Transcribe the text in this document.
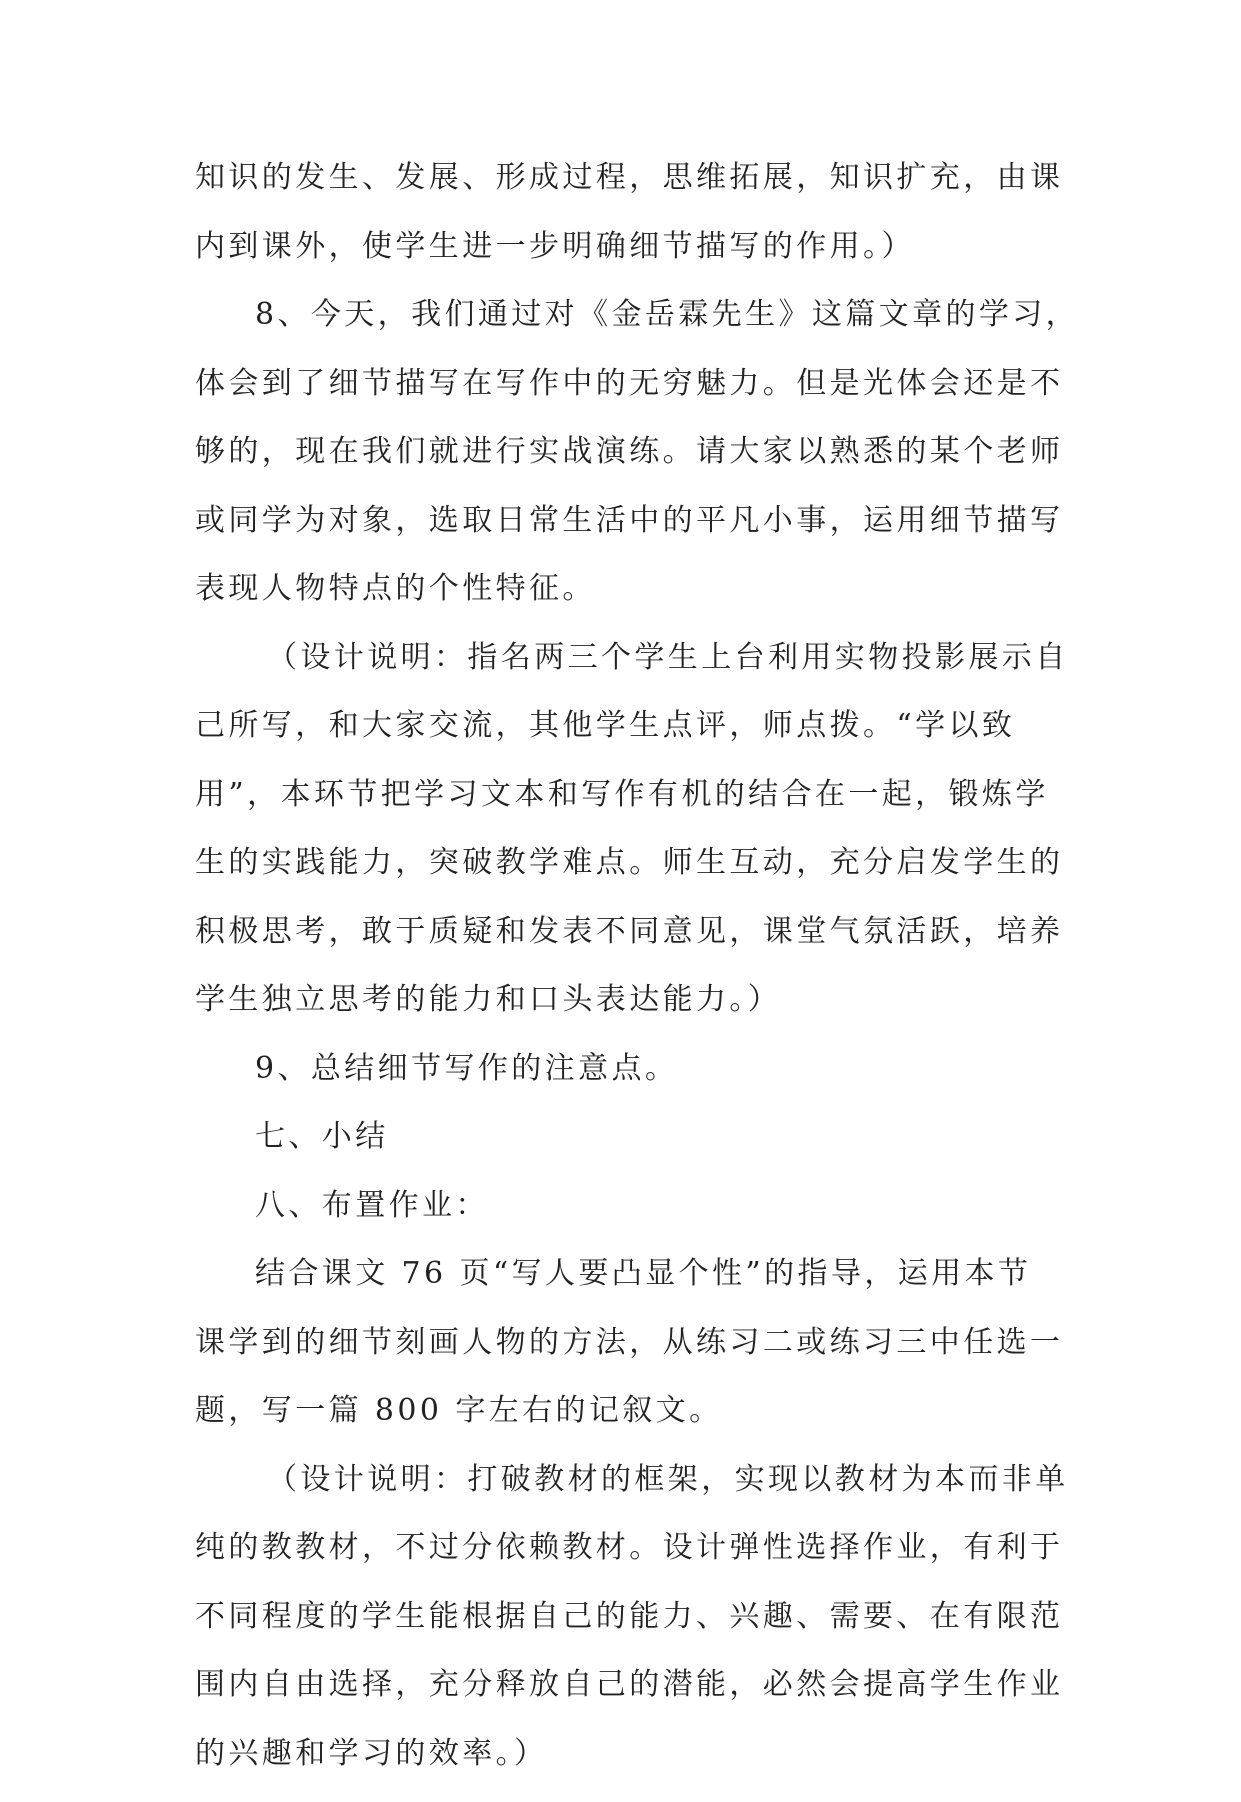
知识的发生、发展、形成过程，思维拓展，知识扩充，由课
内到课外，使学生进一步明确细节描写的作用。）
8、今天，我们通过对《金岳霖先生》这篇文章的学习，
体会到了细节描写在写作中的无穷魅力。但是光体会还是不
够的，现在我们就进行实战演练。请大家以熟悉的某个老师
或同学为对象，选取日常生活中的平凡小事，运用细节描写
表现人物特点的个性特征。
（设计说明：指名两三个学生上台利用实物投影展示自
己所写，和大家交流，其他学生点评，师点拨。“学以致
用”，本环节把学习文本和写作有机的结合在一起，锻炼学
生的实践能力，突破教学难点。师生互动，充分启发学生的
积极思考，敢于质疑和发表不同意见，课堂气氛活跃，培养
学生独立思考的能力和口头表达能力。）
9、总结细节写作的注意点。
七、小结
八、布置作业：
结合课文 76 页“写人要凸显个性”的指导，运用本节
课学到的细节刻画人物的方法，从练习二或练习三中任选一
题，写一篇 800 字左右的记叙文。
（设计说明：打破教材的框架，实现以教材为本而非单
纯的教教材，不过分依赖教材。设计弹性选择作业，有利于
不同程度的学生能根据自己的能力、兴趣、需要、在有限范
围内自由选择，充分释放自己的潜能，必然会提高学生作业
的兴趣和学习的效率。）
